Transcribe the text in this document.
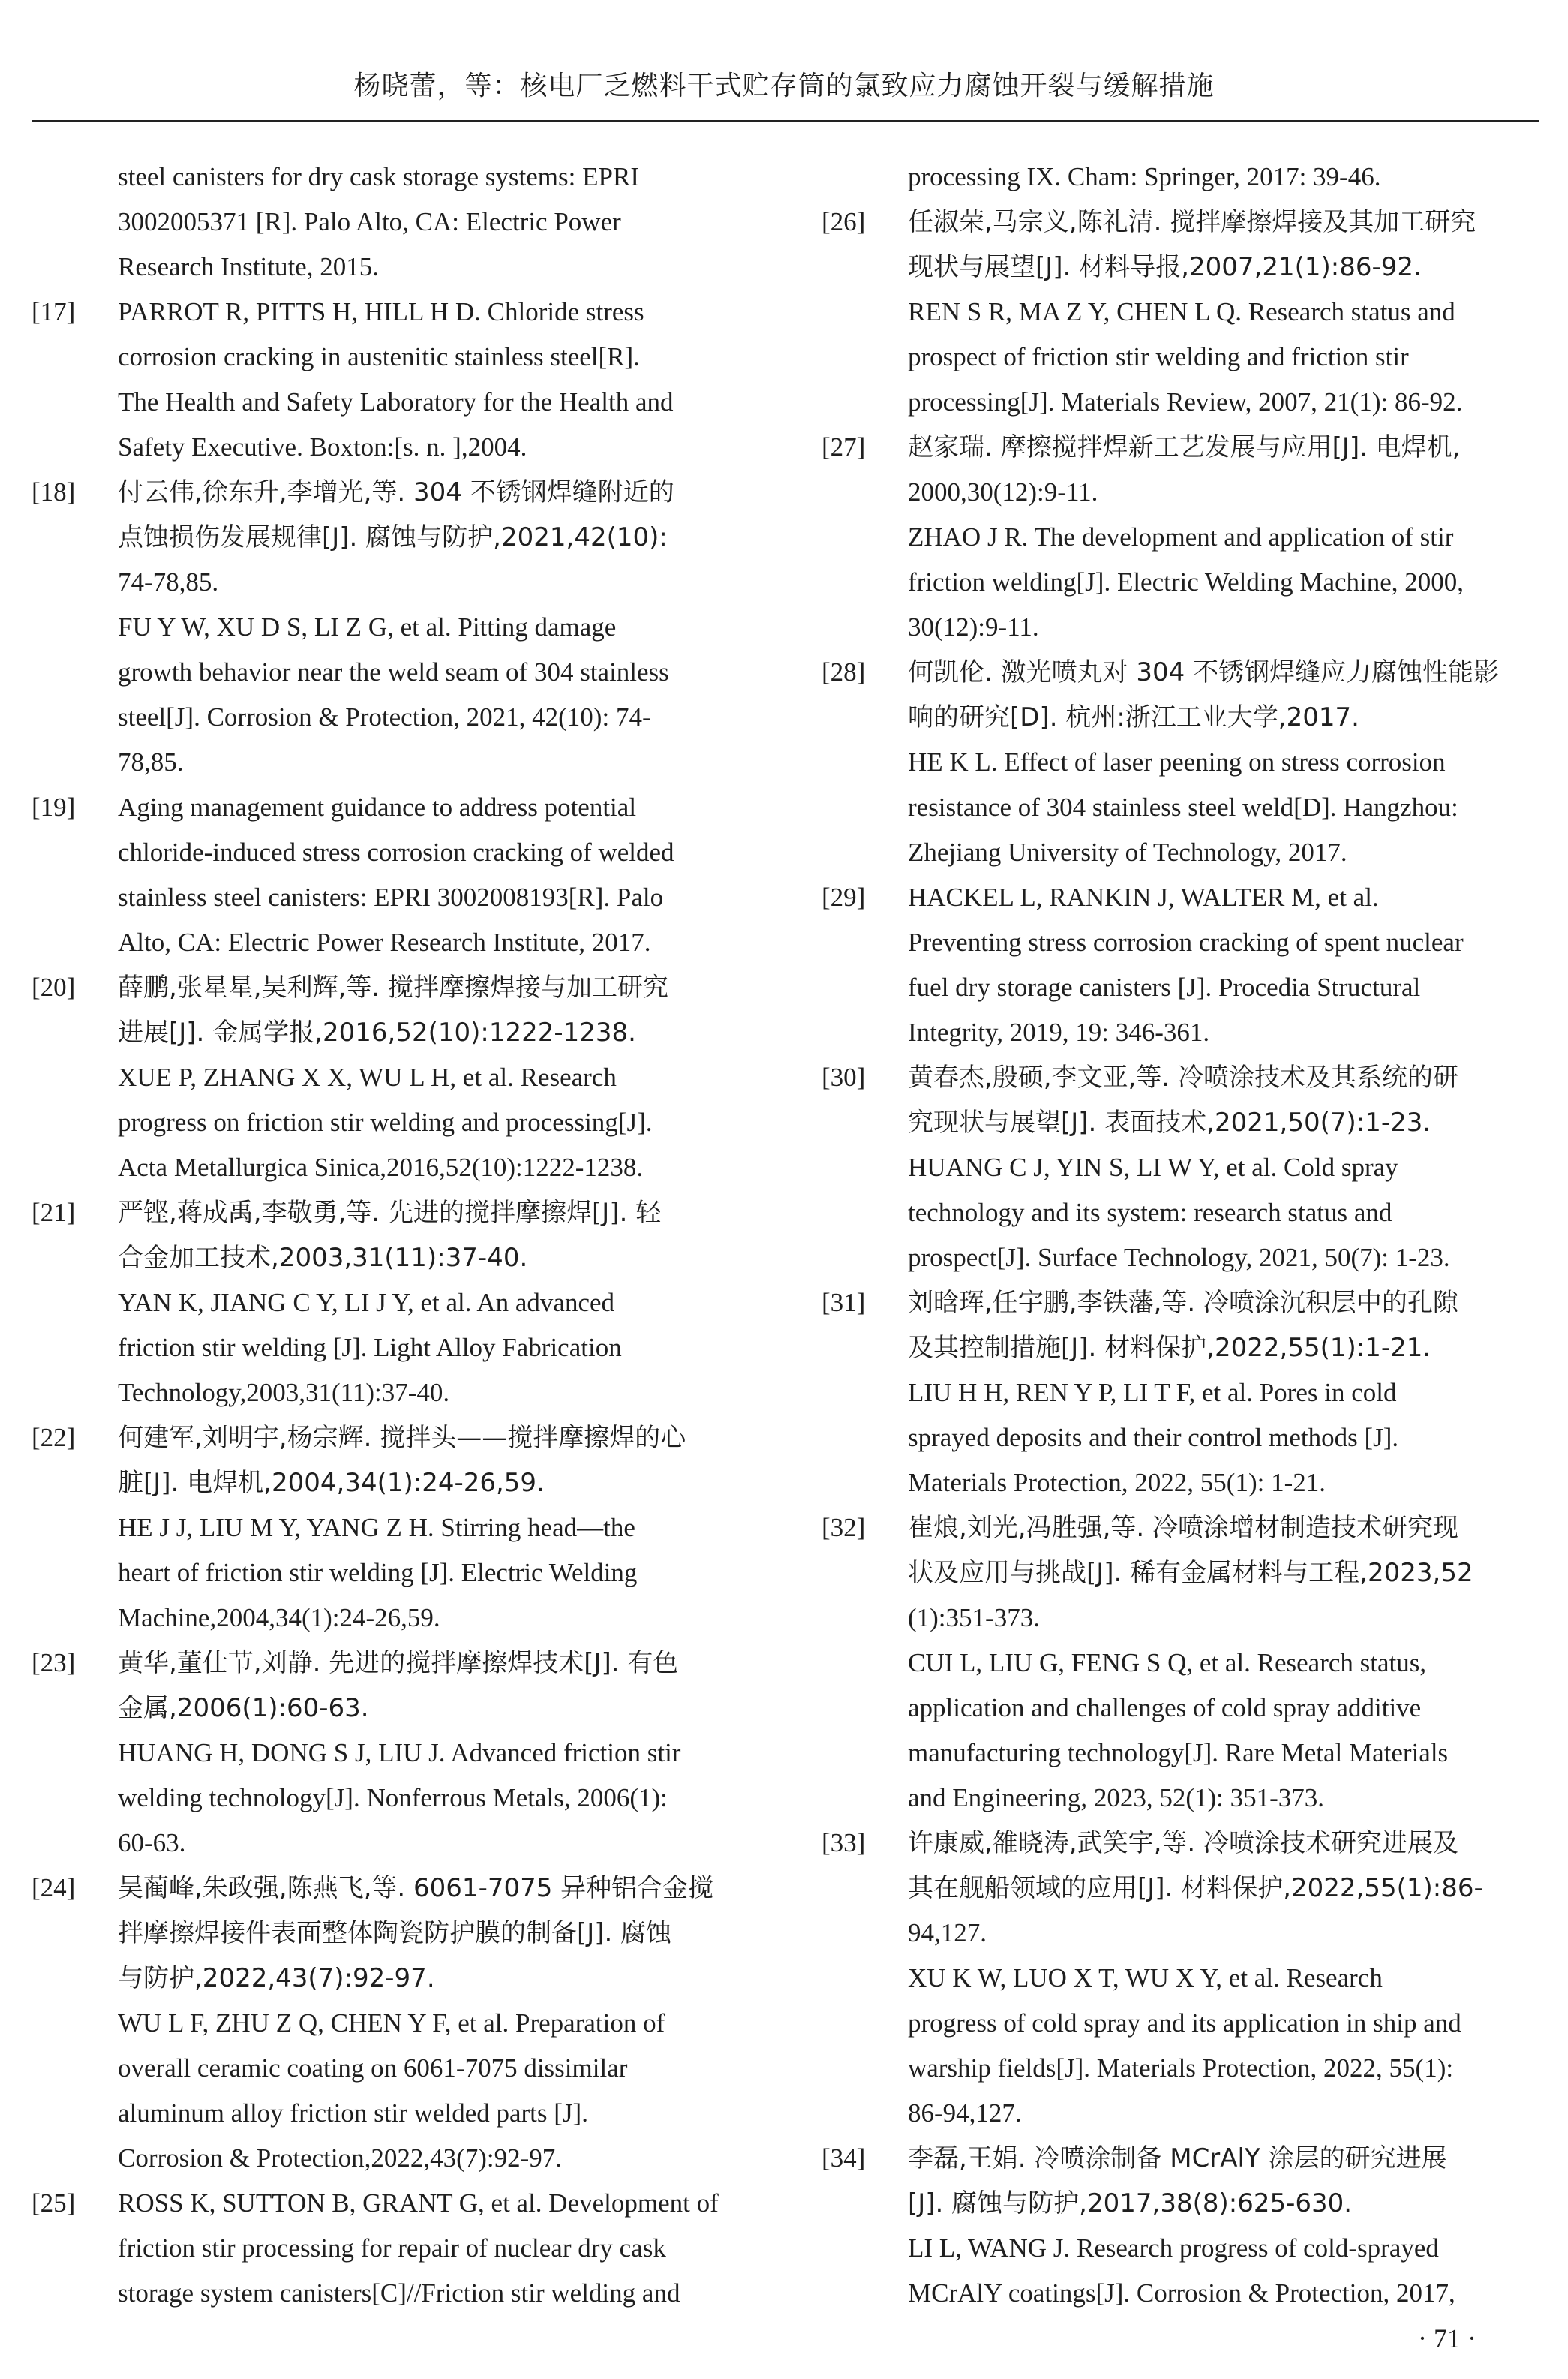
杨晓蕾，等：核电厂乏燃料干式贮存筒的氯致应力腐蚀开裂与缓解措施
steel canisters for dry cask storage systems: EPRI
3002005371 [R]. Palo Alto, CA: Electric Power
Research Institute, 2015.
[17]	PARROT R, PITTS H, HILL H D. Chloride stress
corrosion cracking in austenitic stainless steel[R].
The Health and Safety Laboratory for the Health and
Safety Executive. Boxton:[s. n. ],2004.
[18]	付云伟,徐东升,李增光,等. 304 不锈钢焊缝附近的
点蚀损伤发展规律[J]. 腐蚀与防护,2021,42(10):
74-78,85.
FU Y W, XU D S, LI Z G, et al. Pitting damage
growth behavior near the weld seam of 304 stainless
steel[J]. Corrosion & Protection, 2021, 42(10): 74-
78,85.
[19]	Aging management guidance to address potential
chloride-induced stress corrosion cracking of welded
stainless steel canisters: EPRI 3002008193[R]. Palo
Alto, CA: Electric Power Research Institute, 2017.
[20]	薛鹏,张星星,吴利辉,等. 搅拌摩擦焊接与加工研究
进展[J]. 金属学报,2016,52(10):1222-1238.
XUE P, ZHANG X X, WU L H, et al. Research
progress on friction stir welding and processing[J].
Acta Metallurgica Sinica,2016,52(10):1222-1238.
[21]	严铿,蒋成禹,李敬勇,等. 先进的搅拌摩擦焊[J]. 轻
合金加工技术,2003,31(11):37-40.
YAN K, JIANG C Y, LI J Y, et al. An advanced
friction stir welding [J]. Light Alloy Fabrication
Technology,2003,31(11):37-40.
[22]	何建军,刘明宇,杨宗辉. 搅拌头——搅拌摩擦焊的心
脏[J]. 电焊机,2004,34(1):24-26,59.
HE J J, LIU M Y, YANG Z H. Stirring head—the
heart of friction stir welding [J]. Electric Welding
Machine,2004,34(1):24-26,59.
[23]	黄华,董仕节,刘静. 先进的搅拌摩擦焊技术[J]. 有色
金属,2006(1):60-63.
HUANG H, DONG S J, LIU J. Advanced friction stir
welding technology[J]. Nonferrous Metals, 2006(1):
60-63.
[24]	吴蔺峰,朱政强,陈燕飞,等. 6061-7075 异种铝合金搅
拌摩擦焊接件表面整体陶瓷防护膜的制备[J]. 腐蚀
与防护,2022,43(7):92-97.
WU L F, ZHU Z Q, CHEN Y F, et al. Preparation of
overall ceramic coating on 6061-7075 dissimilar
aluminum alloy friction stir welded parts [J].
Corrosion & Protection,2022,43(7):92-97.
[25]	ROSS K, SUTTON B, GRANT G, et al. Development of
friction stir processing for repair of nuclear dry cask
storage system canisters[C]//Friction stir welding and
processing IX. Cham: Springer, 2017: 39-46.
[26]	任淑荣,马宗义,陈礼清. 搅拌摩擦焊接及其加工研究
现状与展望[J]. 材料导报,2007,21(1):86-92.
REN S R, MA Z Y, CHEN L Q. Research status and
prospect of friction stir welding and friction stir
processing[J]. Materials Review, 2007, 21(1): 86-92.
[27]	赵家瑞. 摩擦搅拌焊新工艺发展与应用[J]. 电焊机,
2000,30(12):9-11.
ZHAO J R. The development and application of stir
friction welding[J]. Electric Welding Machine, 2000,
30(12):9-11.
[28]	何凯伦. 激光喷丸对 304 不锈钢焊缝应力腐蚀性能影
响的研究[D]. 杭州:浙江工业大学,2017.
HE K L. Effect of laser peening on stress corrosion
resistance of 304 stainless steel weld[D]. Hangzhou:
Zhejiang University of Technology, 2017.
[29]	HACKEL L, RANKIN J, WALTER M, et al.
Preventing stress corrosion cracking of spent nuclear
fuel dry storage canisters [J]. Procedia Structural
Integrity, 2019, 19: 346-361.
[30]	黄春杰,殷硕,李文亚,等. 冷喷涂技术及其系统的研
究现状与展望[J]. 表面技术,2021,50(7):1-23.
HUANG C J, YIN S, LI W Y, et al. Cold spray
technology and its system: research status and
prospect[J]. Surface Technology, 2021, 50(7): 1-23.
[31]	刘晗珲,任宇鹏,李铁藩,等. 冷喷涂沉积层中的孔隙
及其控制措施[J]. 材料保护,2022,55(1):1-21.
LIU H H, REN Y P, LI T F, et al. Pores in cold
sprayed deposits and their control methods [J].
Materials Protection, 2022, 55(1): 1-21.
[32]	崔烺,刘光,冯胜强,等. 冷喷涂增材制造技术研究现
状及应用与挑战[J]. 稀有金属材料与工程,2023,52
(1):351-373.
CUI L, LIU G, FENG S Q, et al. Research status,
application and challenges of cold spray additive
manufacturing technology[J]. Rare Metal Materials
and Engineering, 2023, 52(1): 351-373.
[33]	许康威,雒晓涛,武笑宇,等. 冷喷涂技术研究进展及
其在舰船领域的应用[J]. 材料保护,2022,55(1):86-
94,127.
XU K W, LUO X T, WU X Y, et al. Research
progress of cold spray and its application in ship and
warship fields[J]. Materials Protection, 2022, 55(1):
86-94,127.
[34]	李磊,王娟. 冷喷涂制备 MCrAlY 涂层的研究进展
[J]. 腐蚀与防护,2017,38(8):625-630.
LI L, WANG J. Research progress of cold-sprayed
MCrAlY coatings[J]. Corrosion & Protection, 2017,
· 71 ·
